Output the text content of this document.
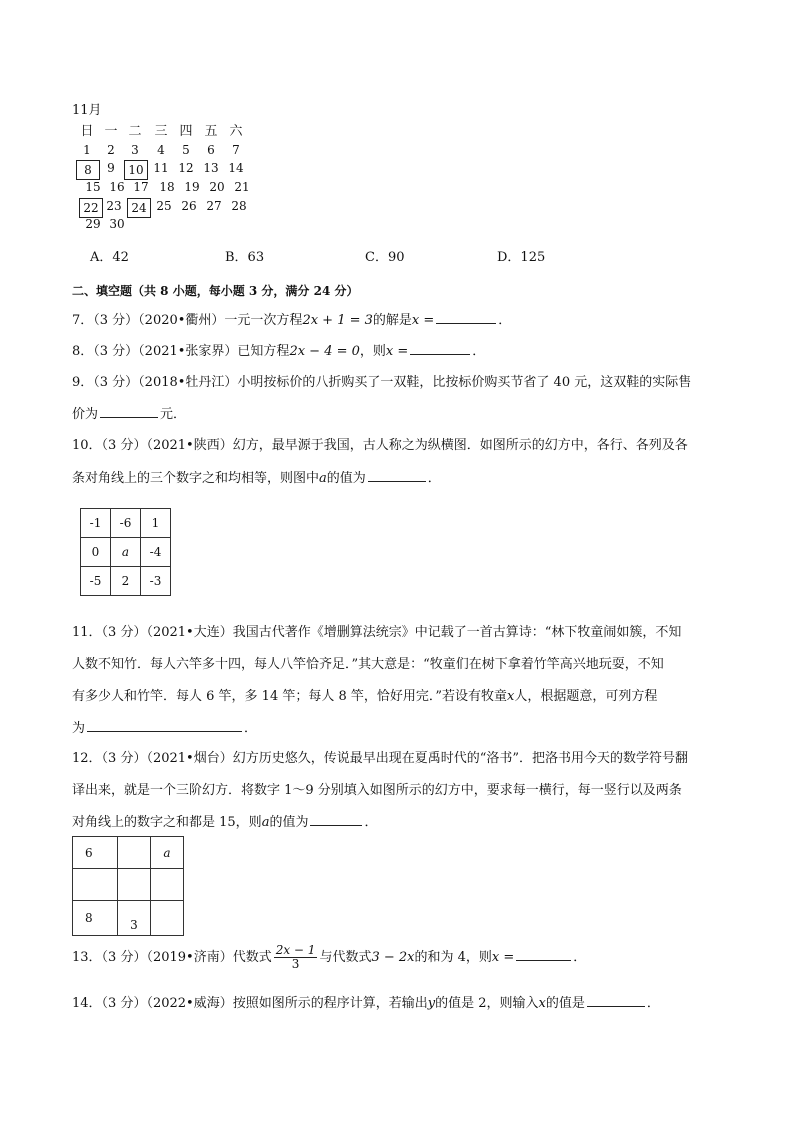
11月
日 一 二 三 四 五 六
1	2	3	4	5	6	7
8	9	10 11 12 13 14
15 16 17 18 19 20 21
22 23 24 25 26 27 28
29 30
A．42	B．63	C．90	D．125
二、填空题（共 8 小题，每小题 3 分，满分 24 分）
7．（3 分）（2020•衢州）一元一次方程2x + 1 = 3的解是x =	．
8．（3 分）（2021•张家界）已知方程2x − 4 = 0，则x =	．
9．（3 分）（2018•牡丹江）小明按标价的八折购买了一双鞋，比按标价购买节省了 40 元，这双鞋的实际售
价为	元．
10．（3 分）（2021•陕西）幻方，最早源于我国，古人称之为纵横图．如图所示的幻方中，各行、各列及各
条对角线上的三个数字之和均相等，则图中a的值为	．
-1	-6	1
0	a	-4
-5	2	-3
11．（3 分）（2021•大连）我国古代著作《增删算法统宗》中记载了一首古算诗：“林下牧童闹如簇，不知
人数不知竹．每人六竿多十四，每人八竿恰齐足．”其大意是：“牧童们在树下拿着竹竿高兴地玩耍，不知
有多少人和竹竿．每人 6 竿，多 14 竿；每人 8 竿，恰好用完．”若设有牧童x人，根据题意，可列方程
为	．
12．（3 分）（2021•烟台）幻方历史悠久，传说最早出现在夏禹时代的“洛书”．把洛书用今天的数学符号翻
译出来，就是一个三阶幻方．将数字 1～9 分别填入如图所示的幻方中，要求每一横行，每一竖行以及两条
对角线上的数字之和都是 15，则a的值为	．
6		a

8	3	
13．（3 分）（2019•济南）代数式 $\frac{2x - 1}{3}$ 与代数式3 − 2x的和为 4，则x =	．
14．（3 分）（2022•威海）按照如图所示的程序计算，若输出y的值是 2，则输入x的值是	．
